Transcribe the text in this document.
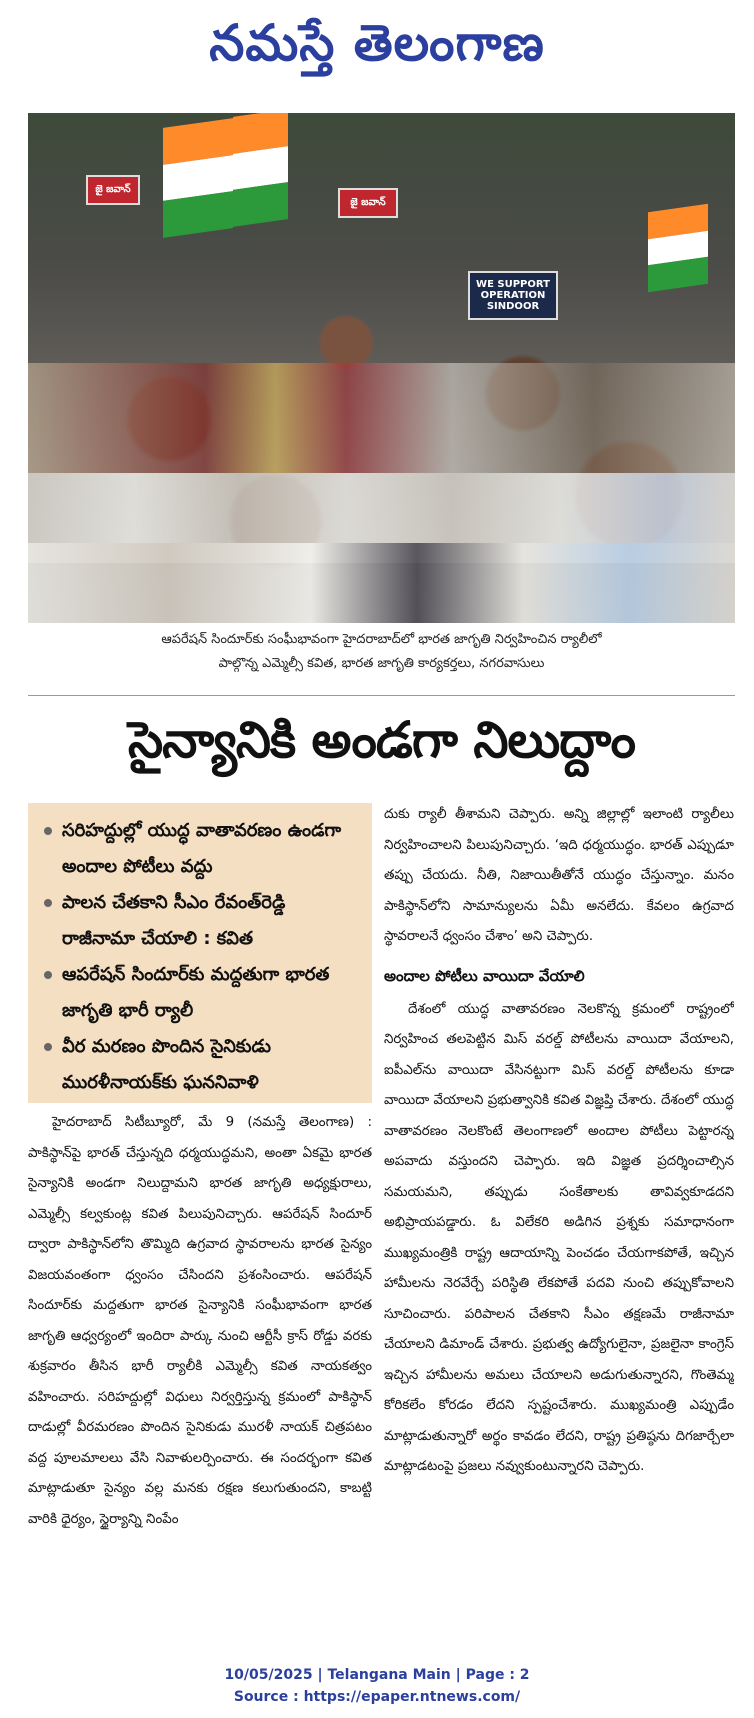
నమస్తే తెలంగాణ
WE SUPPORT OPERATION SINDOOR
జై జవాన్
జై జవాన్
ఆపరేషన్ సిందూర్‌కు సంఘీభావంగా హైదరాబాద్‌లో భారత జాగృతి నిర్వహించిన ర్యాలీలో
పాల్గొన్న ఎమ్మెల్సీ కవిత, భారత జాగృతి కార్యకర్తలు, నగరవాసులు
సైన్యానికి అండగా నిలుద్దాం
సరిహద్దుల్లో యుద్ధ వాతావరణం ఉండగా అందాల పోటీలు వద్దు
పాలన చేతకాని సీఎం రేవంత్‌రెడ్డి రాజీనామా చేయాలి : కవిత
ఆపరేషన్ సిందూర్‌కు మద్దతుగా భారత జాగృతి భారీ ర్యాలీ
వీర మరణం పొందిన సైనికుడు మురళీనాయక్‌కు ఘననివాళి

హైదరాబాద్ సిటీబ్యూరో, మే 9 (నమస్తే తెలంగాణ) : పాకిస్థాన్‌పై భారత్ చేస్తున్నది ధర్మయుద్ధమని, అంతా ఏకమై భారత సైన్యానికి అండగా నిలుద్దామని భారత జాగృతి అధ్యక్షురాలు, ఎమ్మెల్సీ కల్వకుంట్ల కవిత పిలుపునిచ్చారు. ఆపరేషన్ సిందూర్ ద్వారా పాకిస్థాన్‌లోని తొమ్మిది ఉగ్రవాద స్థావరాలను భారత సైన్యం విజయవంతంగా ధ్వంసం చేసిందని ప్రశంసించారు. ఆపరేషన్ సిందూర్‌కు మద్దతుగా భారత సైన్యానికి సంఘీభావంగా భారత జాగృతి ఆధ్వర్యంలో ఇందిరా పార్కు నుంచి ఆర్టీసీ క్రాస్ రోడ్డు వరకు శుక్రవారం తీసిన భారీ ర్యాలీకి ఎమ్మెల్సీ కవిత నాయకత్వం వహించారు. సరిహద్దుల్లో విధులు నిర్వర్తిస్తున్న క్రమంలో పాకిస్థాన్ దాడుల్లో వీరమరణం పొందిన సైనికుడు మురళీ నాయక్ చిత్రపటం వద్ద పూలమాలలు వేసి నివాళులర్పించారు. ఈ సందర్భంగా కవిత మాట్లాడుతూ సైన్యం వల్ల మనకు రక్షణ కలుగుతుందని, కాబట్టి వారికి ధైర్యం, స్థైర్యాన్ని నింపేం

దుకు ర్యాలీ తీశామని చెప్పారు. అన్ని జిల్లాల్లో ఇలాంటి ర్యాలీలు నిర్వహించాలని పిలుపునిచ్చారు. ‘ఇది ధర్మయుద్ధం. భారత్ ఎప్పుడూ తప్పు చేయదు. నీతి, నిజాయితీతోనే యుద్ధం చేస్తున్నాం. మనం పాకిస్థాన్‌లోని సామాన్యులను ఏమీ అనలేదు. కేవలం ఉగ్రవాద స్థావరాలనే ధ్వంసం చేశాం’ అని చెప్పారు.

అందాల పోటీలు వాయిదా వేయాలి

దేశంలో యుద్ధ వాతావరణం నెలకొన్న క్రమంలో రాష్ట్రంలో నిర్వహించ తలపెట్టిన మిస్ వరల్డ్ పోటీలను వాయిదా వేయాలని, ఐపీఎల్‌ను వాయిదా వేసినట్టుగా మిస్ వరల్డ్ పోటీలను కూడా వాయిదా వేయాలని ప్రభుత్వానికి కవిత విజ్ఞప్తి చేశారు. దేశంలో యుద్ధ వాతావరణం నెలకొంటే తెలంగాణలో అందాల పోటీలు పెట్టారన్న అపవాదు వస్తుందని చెప్పారు. ఇది విజ్ఞత ప్రదర్శించాల్సిన సమయమని, తప్పుడు సంకేతాలకు తావివ్వకూడదని అభిప్రాయపడ్డారు. ఓ విలేకరి అడిగిన ప్రశ్నకు సమాధానంగా ముఖ్యమంత్రికి రాష్ట్ర ఆదాయాన్ని పెంచడం చేయగాకపోతే, ఇచ్చిన హామీలను నెరవేర్చే పరిస్థితి లేకపోతే పదవి నుంచి తప్పుకోవాలని సూచించారు. పరిపాలన చేతకాని సీఎం తక్షణమే రాజీనామా చేయాలని డిమాండ్ చేశారు. ప్రభుత్వ ఉద్యోగులైనా, ప్రజలైనా కాంగ్రెస్ ఇచ్చిన హామీలను అమలు చేయాలని అడుగుతున్నారని, గొంతెమ్మ కోరికలేం కోరడం లేదని స్పష్టంచేశారు. ముఖ్యమంత్రి ఎప్పుడేం మాట్లాడుతున్నారో అర్థం కావడం లేదని, రాష్ట్ర ప్రతిష్ఠను దిగజార్చేలా మాట్లాడటంపై ప్రజలు నవ్వుకుంటున్నారని చెప్పారు.

10/05/2025 | Telangana Main | Page : 2
Source : https://epaper.ntnews.com/
